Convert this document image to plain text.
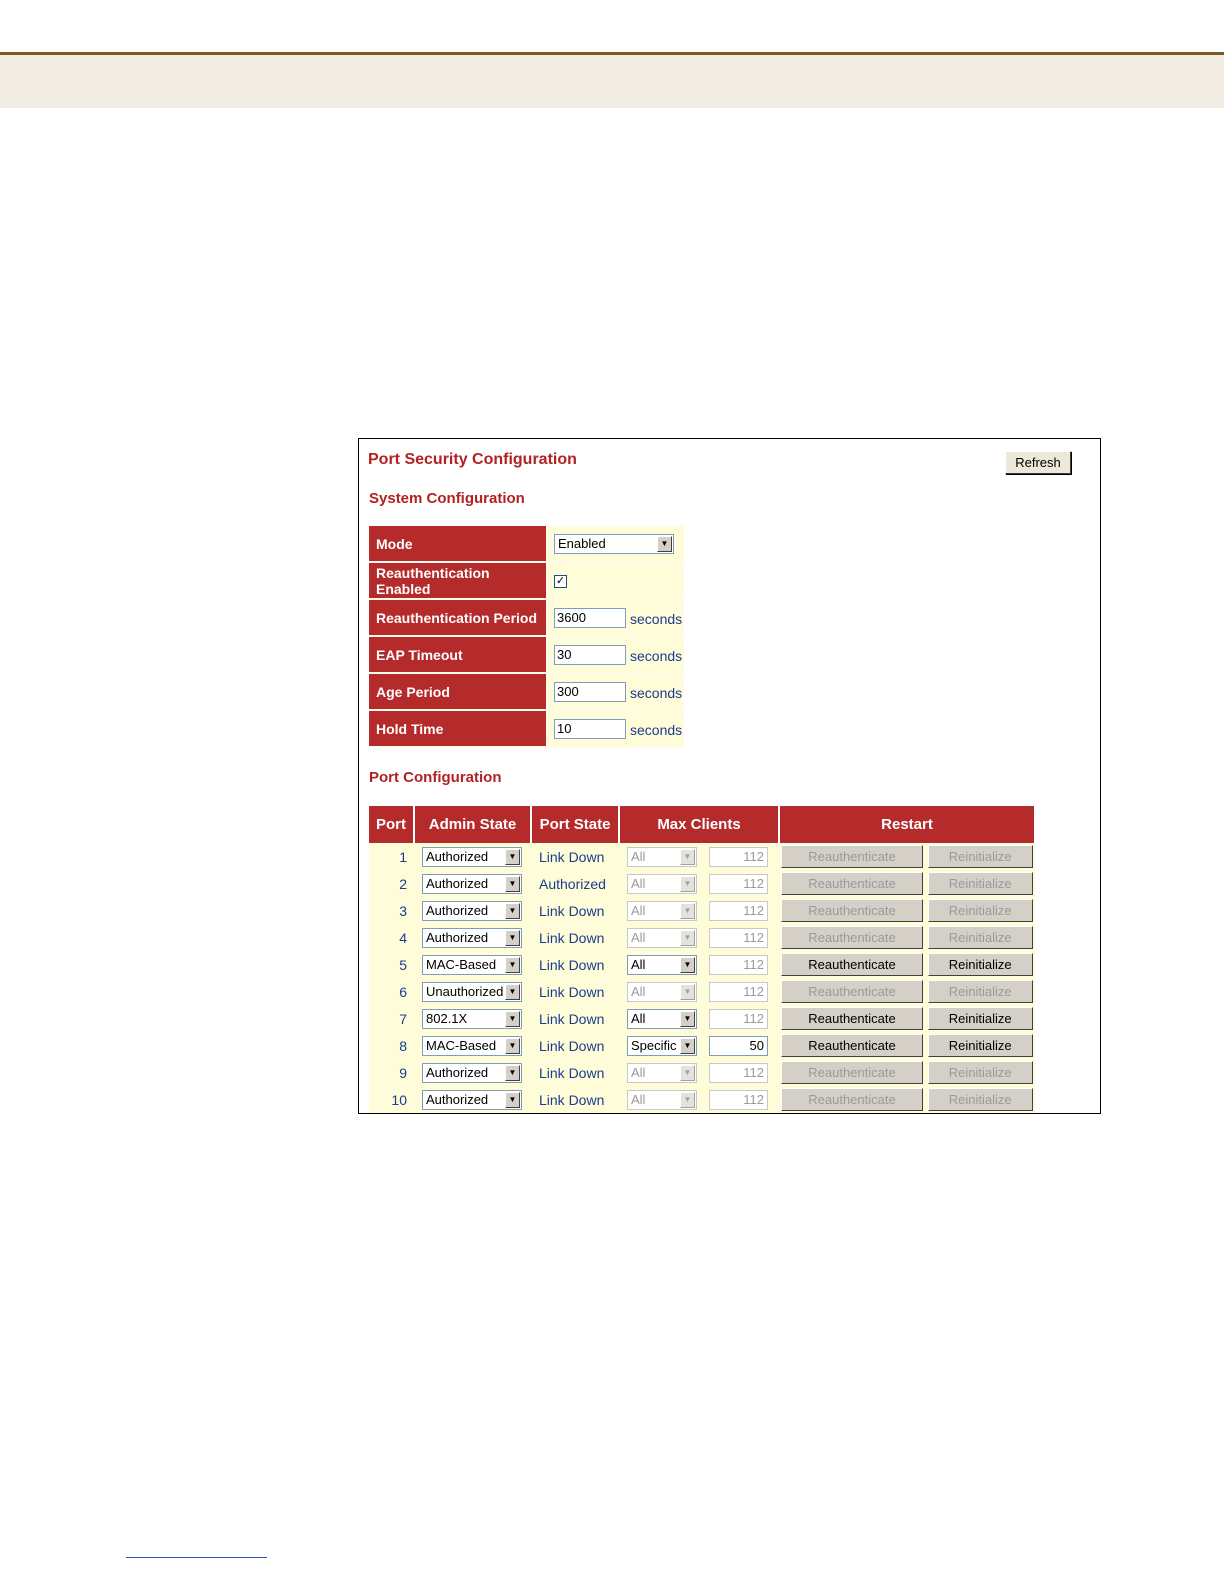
Port Security Configuration	Refresh
System Configuration
Mode	Enabled ▼

Reauthentication Enabled	✓
Reauthentication Period	3600 seconds
EAP Timeout	30 seconds
Age Period	300 seconds
Hold Time	10 seconds
Port Configuration
Port	Admin State	Port State	Max Clients		Restart	
1	Authorized ▼	Link Down	All ▼	112	Reauthenticate	Reinitialize
2	Authorized ▼	Authorized	All ▼	112	Reauthenticate	Reinitialize
3	Authorized ▼	Link Down	All ▼	112	Reauthenticate	Reinitialize
4	Authorized ▼	Link Down	All ▼	112	Reauthenticate	Reinitialize
5	MAC-Based ▼	Link Down	All ▼	112	Reauthenticate	Reinitialize
6	Unauthorized ▼	Link Down	All ▼	112	Reauthenticate	Reinitialize
7	802.1X ▼	Link Down	All ▼	112	Reauthenticate	Reinitialize
8	MAC-Based ▼	Link Down	Specific ▼	50	Reauthenticate	Reinitialize
9	Authorized ▼	Link Down	All ▼	112	Reauthenticate	Reinitialize
10	Authorized ▼	Link Down	All ▼	112	Reauthenticate	Reinitialize
